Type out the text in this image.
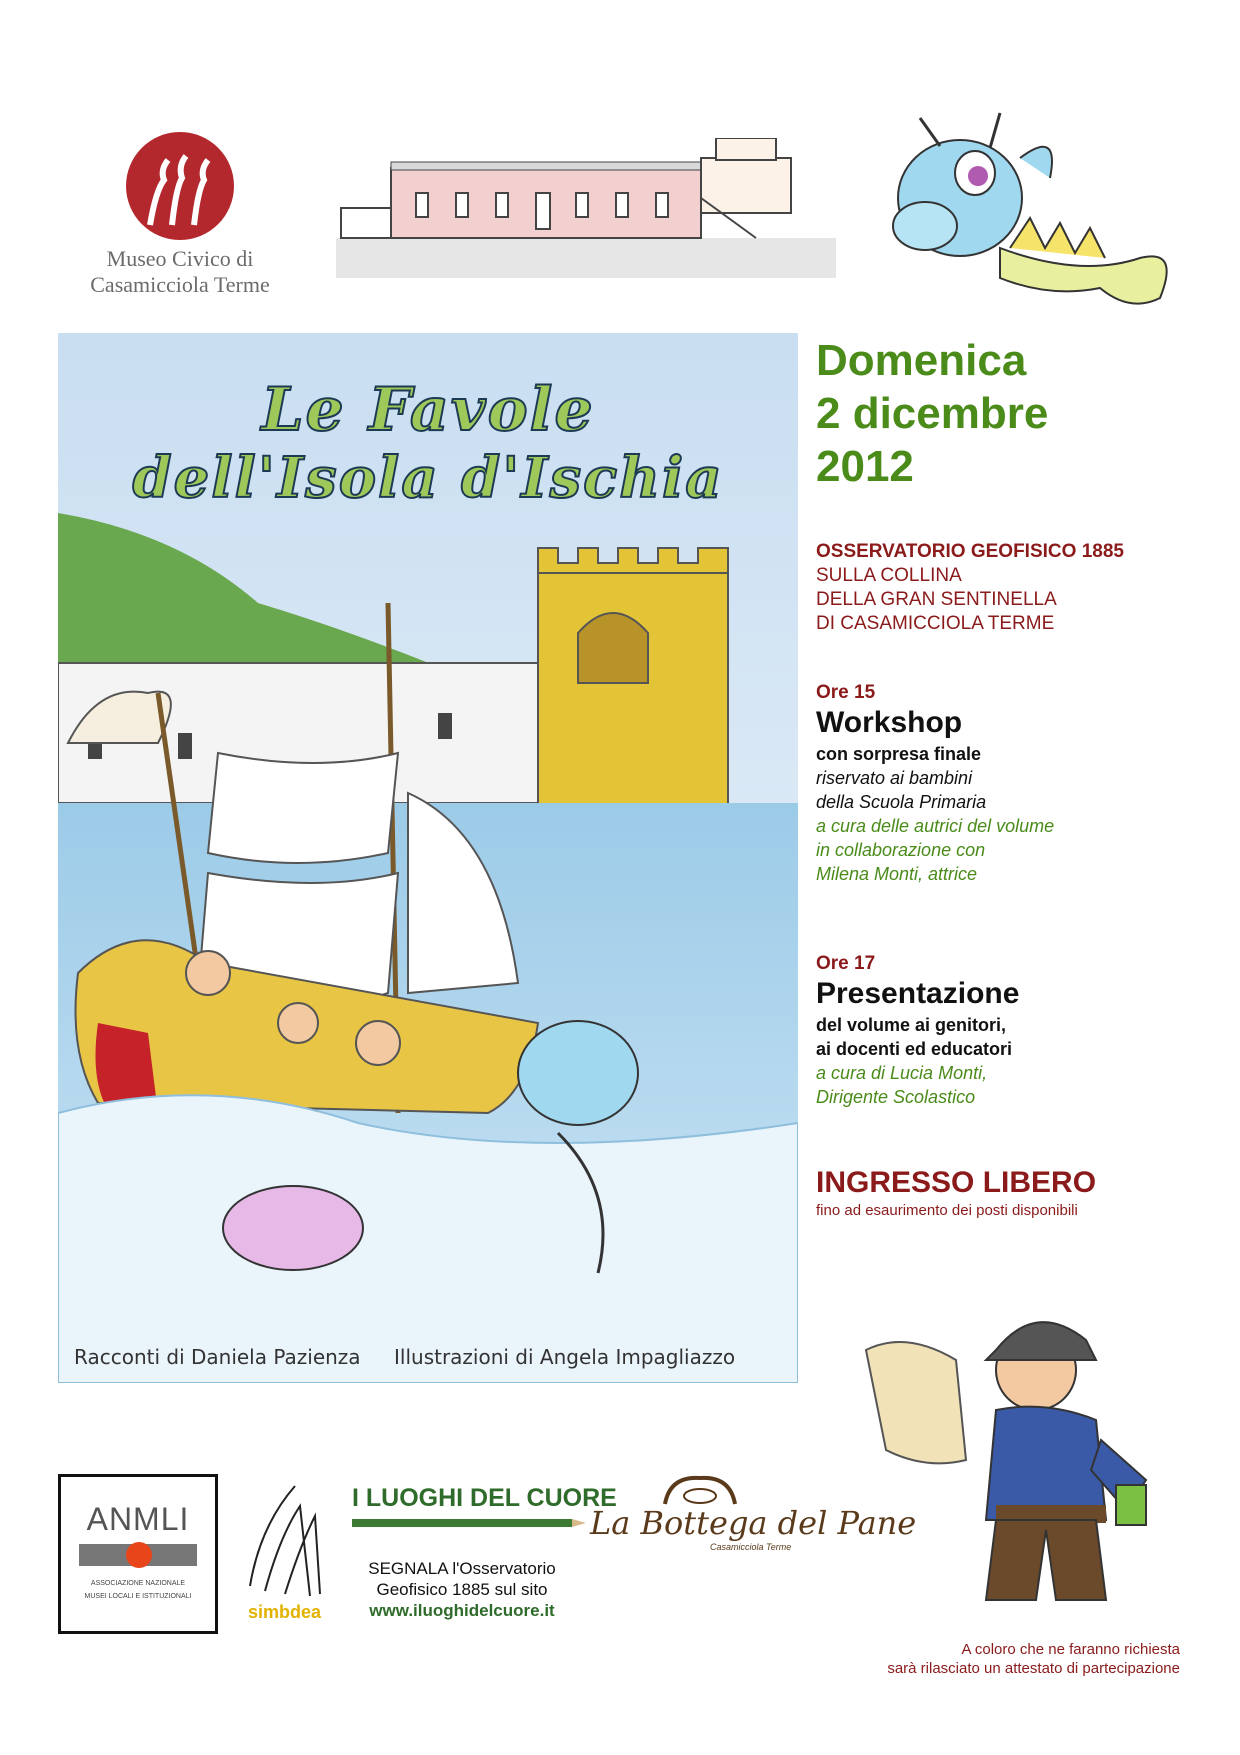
Museo Civico di
Casamicciola Terme
Le Favole
dell'Isola d'Ischia
Racconti di Daniela Pazienza Illustrazioni di Angela Impagliazzo
Domenica
2 dicembre
2012
OSSERVATORIO GEOFISICO 1885
SULLA COLLINA
DELLA GRAN SENTINELLA
DI CASAMICCIOLA TERME
Ore 15
Workshop
con sorpresa finale
riservato ai bambini
della Scuola Primaria
a cura delle autrici del volume
in collaborazione con
Milena Monti, attrice
Ore 17
Presentazione
del volume ai genitori,
ai docenti ed educatori
a cura di Lucia Monti,
Dirigente Scolastico
INGRESSO LIBERO
fino ad esaurimento dei posti disponibili
A coloro che ne faranno richiesta
sarà rilasciato un attestato di partecipazione
ANMLI
ASSOCIAZIONE NAZIONALE
MUSEI LOCALI E ISTITUZIONALI
simbdea
I LUOGHI DEL CUORE
SEGNALA l'Osservatorio
Geofisico 1885 sul sito
www.iluoghidelcuore.it
La Bottega del Pane
Casamicciola Terme
